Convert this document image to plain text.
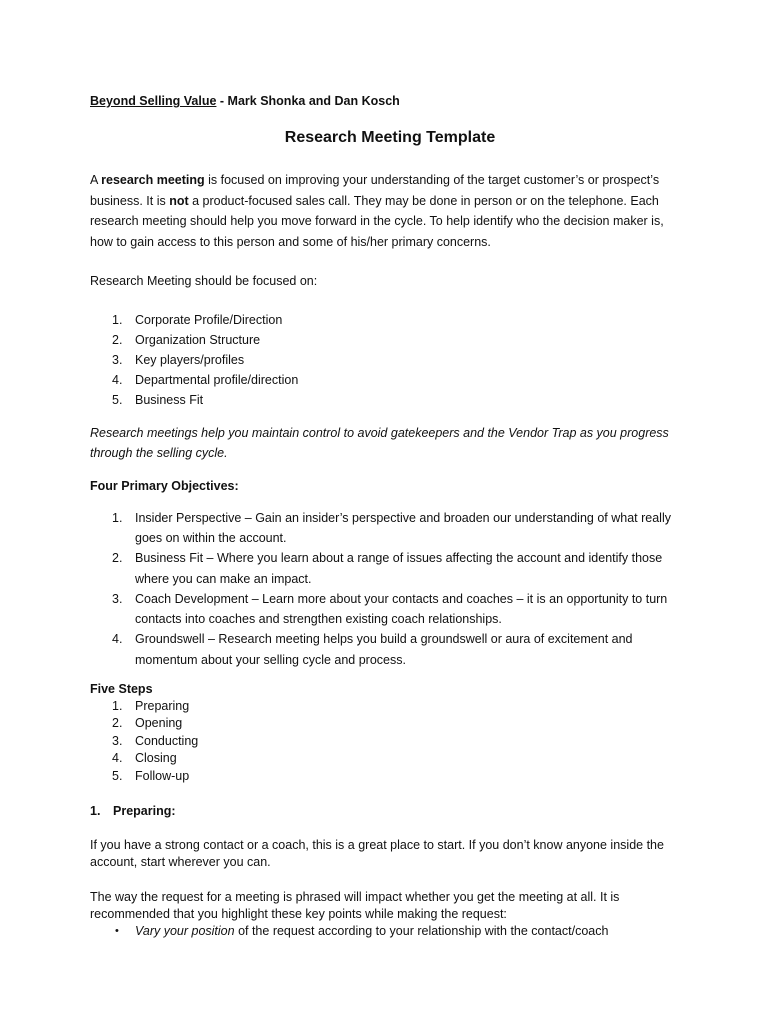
Beyond Selling Value - Mark Shonka and Dan Kosch

Research Meeting Template

A research meeting is focused on improving your understanding of the target customer’s or prospect’s business. It is not a product-focused sales call. They may be done in person or on the telephone. Each research meeting should help you move forward in the cycle. To help identify who the decision maker is, how to gain access to this person and some of his/her primary concerns.

Research Meeting should be focused on:

1. Corporate Profile/Direction
2. Organization Structure
3. Key players/profiles
4. Departmental profile/direction
5. Business Fit

Research meetings help you maintain control to avoid gatekeepers and the Vendor Trap as you progress through the selling cycle.

Four Primary Objectives:

1. Insider Perspective – Gain an insider’s perspective and broaden our understanding of what really goes on within the account.
2. Business Fit – Where you learn about a range of issues affecting the account and identify those where you can make an impact.
3. Coach Development – Learn more about your contacts and coaches – it is an opportunity to turn contacts into coaches and strengthen existing coach relationships.
4. Groundswell – Research meeting helps you build a groundswell or aura of excitement and momentum about your selling cycle and process.

Five Steps

1. Preparing
2. Opening
3. Conducting
4. Closing
5. Follow-up

1. Preparing:

If you have a strong contact or a coach, this is a great place to start. If you don’t know anyone inside the account, start wherever you can.

The way the request for a meeting is phrased will impact whether you get the meeting at all. It is recommended that you highlight these key points while making the request:

• Vary your position of the request according to your relationship with the contact/coach
